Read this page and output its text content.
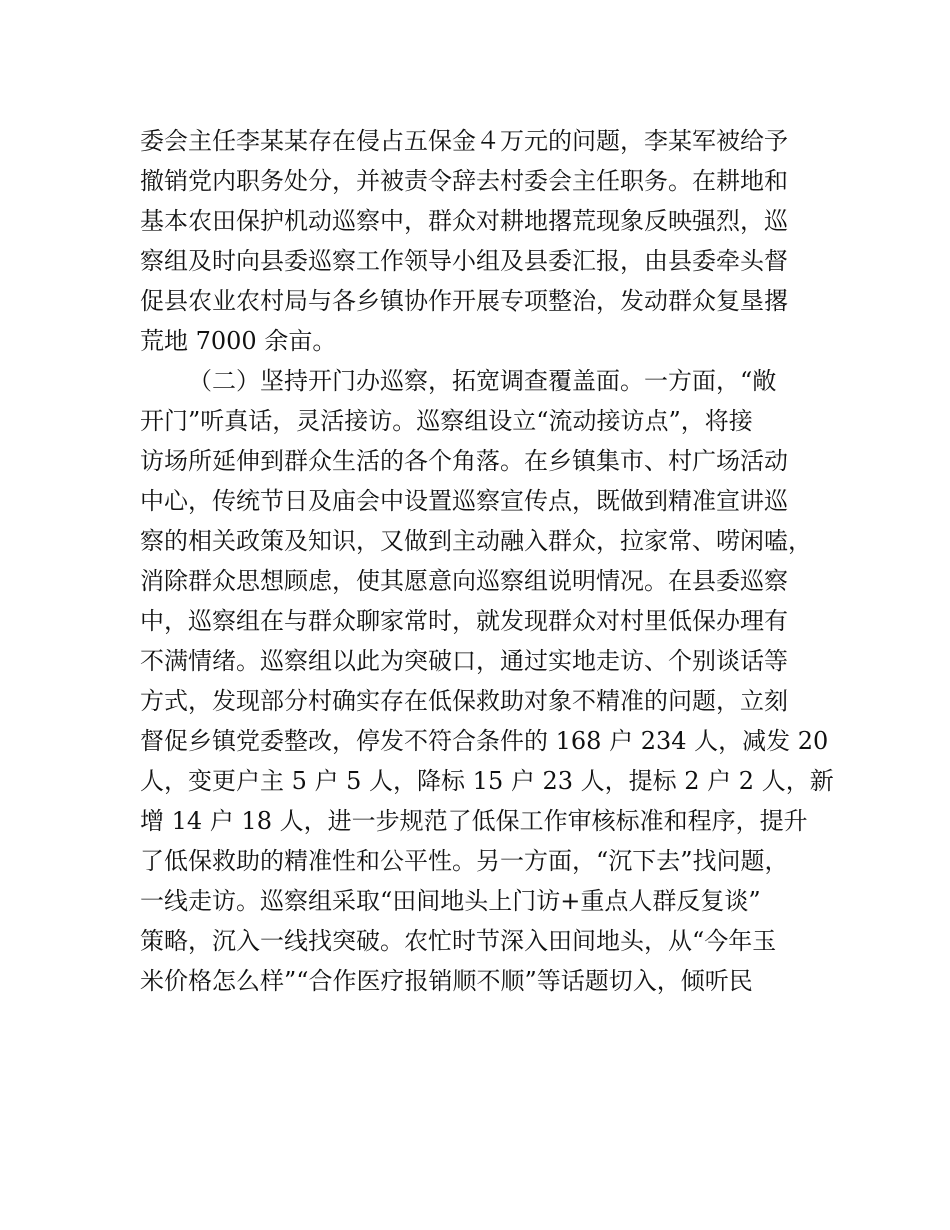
委会主任李某某存在侵占五保金４万元的问题，李某军被给予
撤销党内职务处分，并被责令辞去村委会主任职务。在耕地和
基本农田保护机动巡察中，群众对耕地撂荒现象反映强烈，巡
察组及时向县委巡察工作领导小组及县委汇报，由县委牵头督
促县农业农村局与各乡镇协作开展专项整治，发动群众复垦撂
荒地 7000 余亩。
（二）坚持开门办巡察，拓宽调查覆盖面。一方面，“敞
开门”听真话，灵活接访。巡察组设立“流动接访点”，将接
访场所延伸到群众生活的各个角落。在乡镇集市、村广场活动
中心，传统节日及庙会中设置巡察宣传点，既做到精准宣讲巡
察的相关政策及知识，又做到主动融入群众，拉家常、唠闲嗑，
消除群众思想顾虑，使其愿意向巡察组说明情况。在县委巡察
中，巡察组在与群众聊家常时，就发现群众对村里低保办理有
不满情绪。巡察组以此为突破口，通过实地走访、个别谈话等
方式，发现部分村确实存在低保救助对象不精准的问题，立刻
督促乡镇党委整改，停发不符合条件的 168 户 234 人，减发 20
人，变更户主 5 户 5 人，降标 15 户 23 人，提标 2 户 2 人，新
增 14 户 18 人，进一步规范了低保工作审核标准和程序，提升
了低保救助的精准性和公平性。另一方面，“沉下去”找问题，
一线走访。巡察组采取“田间地头上门访+重点人群反复谈”
策略，沉入一线找突破。农忙时节深入田间地头，从“今年玉
米价格怎么样”“合作医疗报销顺不顺”等话题切入，倾听民
